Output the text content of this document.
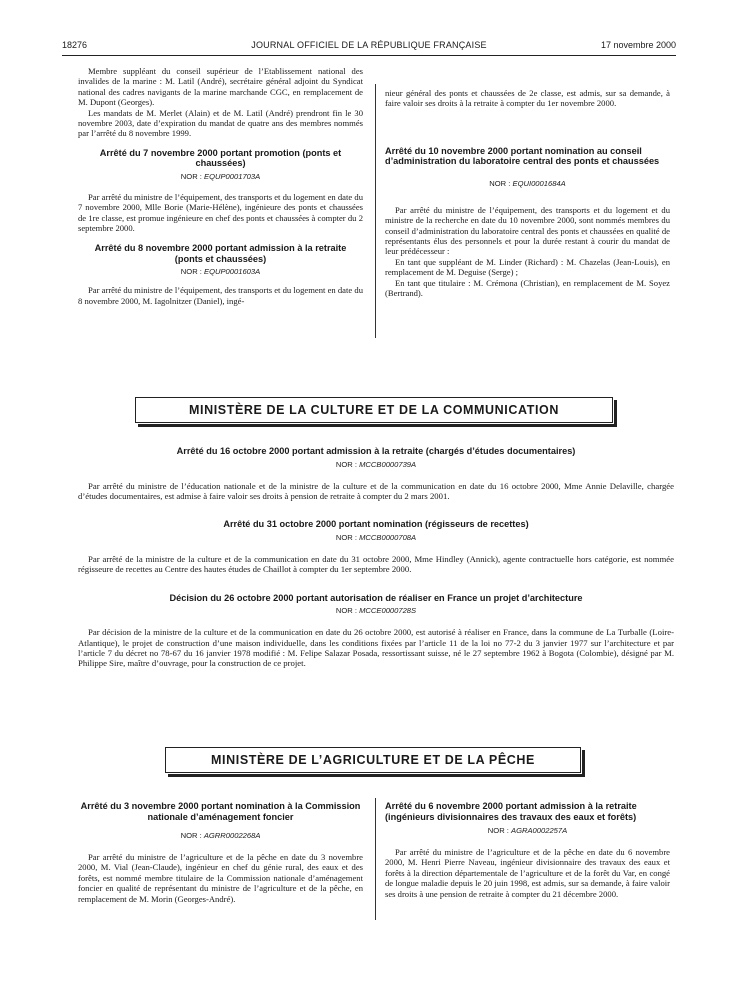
18276	JOURNAL OFFICIEL DE LA RÉPUBLIQUE FRANÇAISE	17 novembre 2000

Membre suppléant du conseil supérieur de l’Etablissement national des invalides de la marine : M. Latil (André), secrétaire général adjoint du Syndicat national des cadres navigants de la marine marchande CGC, en remplacement de M. Dupont (Georges).

Les mandats de M. Merlet (Alain) et de M. Latil (André) prendront fin le 30 novembre 2003, date d’expiration du mandat de quatre ans des membres nommés par l’arrêté du 8 novembre 1999.

Arrêté du 7 novembre 2000 portant promotion (ponts et chaussées)
NOR : EQUP0001703A

Par arrêté du ministre de l’équipement, des transports et du logement en date du 7 novembre 2000, Mlle Borie (Marie-Hélène), ingénieure des ponts et chaussées de 1re classe, est promue ingénieure en chef des ponts et chaussées à compter du 2 septembre 2000.

Arrêté du 8 novembre 2000 portant admission à la retraite (ponts et chaussées)
NOR : EQUP0001603A

Par arrêté du ministre de l’équipement, des transports et du logement en date du 8 novembre 2000, M. Iagolnitzer (Daniel), ingé-

nieur général des ponts et chaussées de 2e classe, est admis, sur sa demande, à faire valoir ses droits à la retraite à compter du 1er novembre 2000.

Arrêté du 10 novembre 2000 portant nomination au conseil d’administration du laboratoire central des ponts et chaussées
NOR : EQUI0001684A

Par arrêté du ministre de l’équipement, des transports et du logement et du ministre de la recherche en date du 10 novembre 2000, sont nommés membres du conseil d’administration du laboratoire central des ponts et chaussées en qualité de représentants élus des personnels et pour la durée restant à courir du mandat de leur prédécesseur :

En tant que suppléant de M. Linder (Richard) : M. Chazelas (Jean-Louis), en remplacement de M. Deguise (Serge) ;

En tant que titulaire : M. Crémona (Christian), en remplacement de M. Soyez (Bertrand).

MINISTÈRE DE LA CULTURE ET DE LA COMMUNICATION
Arrêté du 16 octobre 2000 portant admission à la retraite (chargés d’études documentaires)
NOR : MCCB0000739A

Par arrêté du ministre de l’éducation nationale et de la ministre de la culture et de la communication en date du 16 octobre 2000, Mme Annie Delaville, chargée d’études documentaires, est admise à faire valoir ses droits à pension de retraite à compter du 2 mars 2001.

Arrêté du 31 octobre 2000 portant nomination (régisseurs de recettes)
NOR : MCCB0000708A

Par arrêté de la ministre de la culture et de la communication en date du 31 octobre 2000, Mme Hindley (Annick), agente contractuelle hors catégorie, est nommée régisseure de recettes au Centre des hautes études de Chaillot à compter du 1er septembre 2000.

Décision du 26 octobre 2000 portant autorisation de réaliser en France un projet d’architecture
NOR : MCCE0000728S

Par décision de la ministre de la culture et de la communication en date du 26 octobre 2000, est autorisé à réaliser en France, dans la commune de La Turballe (Loire-Atlantique), le projet de construction d’une maison individuelle, dans les conditions fixées par l’article 11 de la loi no 77-2 du 3 janvier 1977 sur l’architecture et par l’article 7 du décret no 78-67 du 16 janvier 1978 modifié : M. Felipe Salazar Posada, ressortissant suisse, né le 27 septembre 1962 à Bogota (Colombie), désigné par M. Philippe Sire, maître d’ouvrage, pour la construction de ce projet.

MINISTÈRE DE L’AGRICULTURE ET DE LA PÊCHE
Arrêté du 3 novembre 2000 portant nomination à la Commission nationale d’aménagement foncier
NOR : AGRR0002268A

Par arrêté du ministre de l’agriculture et de la pêche en date du 3 novembre 2000, M. Vial (Jean-Claude), ingénieur en chef du génie rural, des eaux et des forêts, est nommé membre titulaire de la Commission nationale d’aménagement foncier en qualité de représentant du ministre de l’agriculture et de la pêche, en remplacement de M. Morin (Georges-André).

Arrêté du 6 novembre 2000 portant admission à la retraite (ingénieurs divisionnaires des travaux des eaux et forêts)
NOR : AGRA0002257A

Par arrêté du ministre de l’agriculture et de la pêche en date du 6 novembre 2000, M. Henri Pierre Naveau, ingénieur divisionnaire des travaux des eaux et forêts à la direction départementale de l’agriculture et de la forêt du Var, en congé de longue maladie depuis le 20 juin 1998, est admis, sur sa demande, à faire valoir ses droits à une pension de retraite à compter du 21 décembre 2000.
